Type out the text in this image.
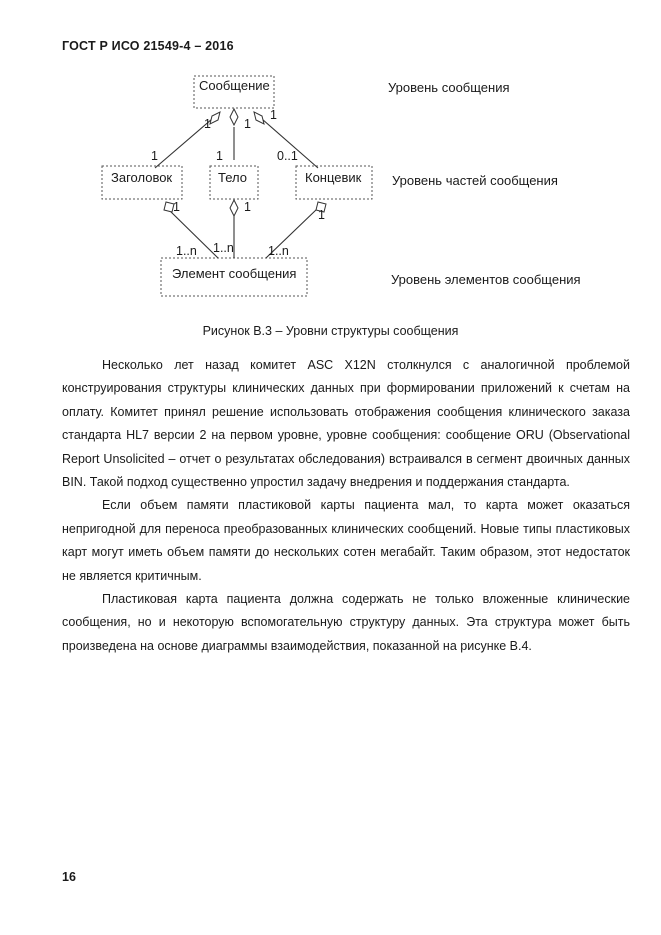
ГОСТ Р ИСО 21549-4 – 2016
Сообщение
Заголовок	Тело	Концевик
Элемент сообщения
Уровень сообщения
Уровень частей сообщения
Уровень элементов сообщения
1	1
1
1	1	0..1
1	1
1
1..n 1..n	1..n
Рисунок В.3 – Уровни структуры сообщения

Несколько лет назад комитет ASC X12N столкнулся с аналогичной проблемой конструирования структуры клинических данных при формировании приложений к счетам на оплату. Комитет принял решение использовать отображения сообщения клинического заказа стандарта HL7 версии 2 на первом уровне, уровне сообщения: сообщение ORU (Observational Report Unsolicited – отчет о результатах обследования) встраивался в сегмент двоичных данных BIN. Такой подход существенно упростил задачу внедрения и поддержания стандарта.

Если объем памяти пластиковой карты пациента мал, то карта может оказаться непригодной для переноса преобразованных клинических сообщений. Новые типы пластиковых карт могут иметь объем памяти до нескольких сотен мегабайт. Таким образом, этот недостаток не является критичным.

Пластиковая карта пациента должна содержать не только вложенные клинические сообщения, но и некоторую вспомогательную структуру данных. Эта структура может быть произведена на основе диаграммы взаимодействия, показанной на рисунке В.4.

16
